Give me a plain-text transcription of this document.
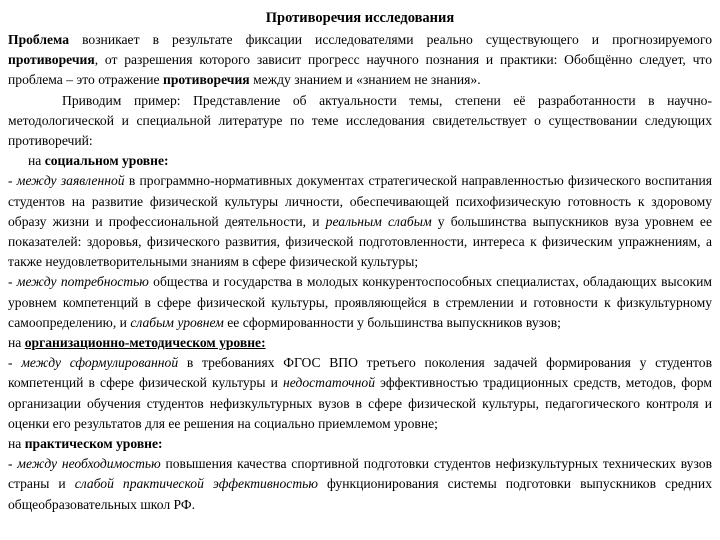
Противоречия исследования

Проблема возникает в результате фиксации исследователями реально существующего и прогнозируемого противоречия, от разрешения которого зависит прогресс научного познания и практики: Обобщённо следует, что проблема – это отражение противоречия между знанием и «знанием не знания».

Приводим пример: Представление об актуальности темы, степени её разработанности в научно-методологической и специальной литературе по теме исследования свидетельствует о существовании следующих противоречий:

на социальном уровне:

- между заявленной в программно-нормативных документах стратегической направленностью физического воспитания студентов на развитие физической культуры личности, обеспечивающей психофизическую готовность к здоровому образу жизни и профессиональной деятельности, и реальным слабым у большинства выпускников вуза уровнем ее показателей: здоровья, физического развития, физической подготовленности, интереса к физическим упражнениям, а также неудовлетворительными знаниям в сфере физической культуры;

- между потребностью общества и государства в молодых конкурентоспособных специалистах, обладающих высоким уровнем компетенций в сфере физической культуры, проявляющейся в стремлении и готовности к физкультурному самоопределению, и слабым уровнем ее сформированности у большинства выпускников вузов;

на организационно-методическом уровне:

- между сформулированной в требованиях ФГОС ВПО третьего поколения задачей формирования у студентов компетенций в сфере физической культуры и недостаточной эффективностью традиционных средств, методов, форм организации обучения студентов нефизкультурных вузов в сфере физической культуры, педагогического контроля и оценки его результатов для ее решения на социально приемлемом уровне;

на практическом уровне:

- между необходимостью повышения качества спортивной подготовки студентов нефизкультурных технических вузов страны и слабой практической эффективностью функционирования системы подготовки выпускников средних общеобразовательных школ РФ.
